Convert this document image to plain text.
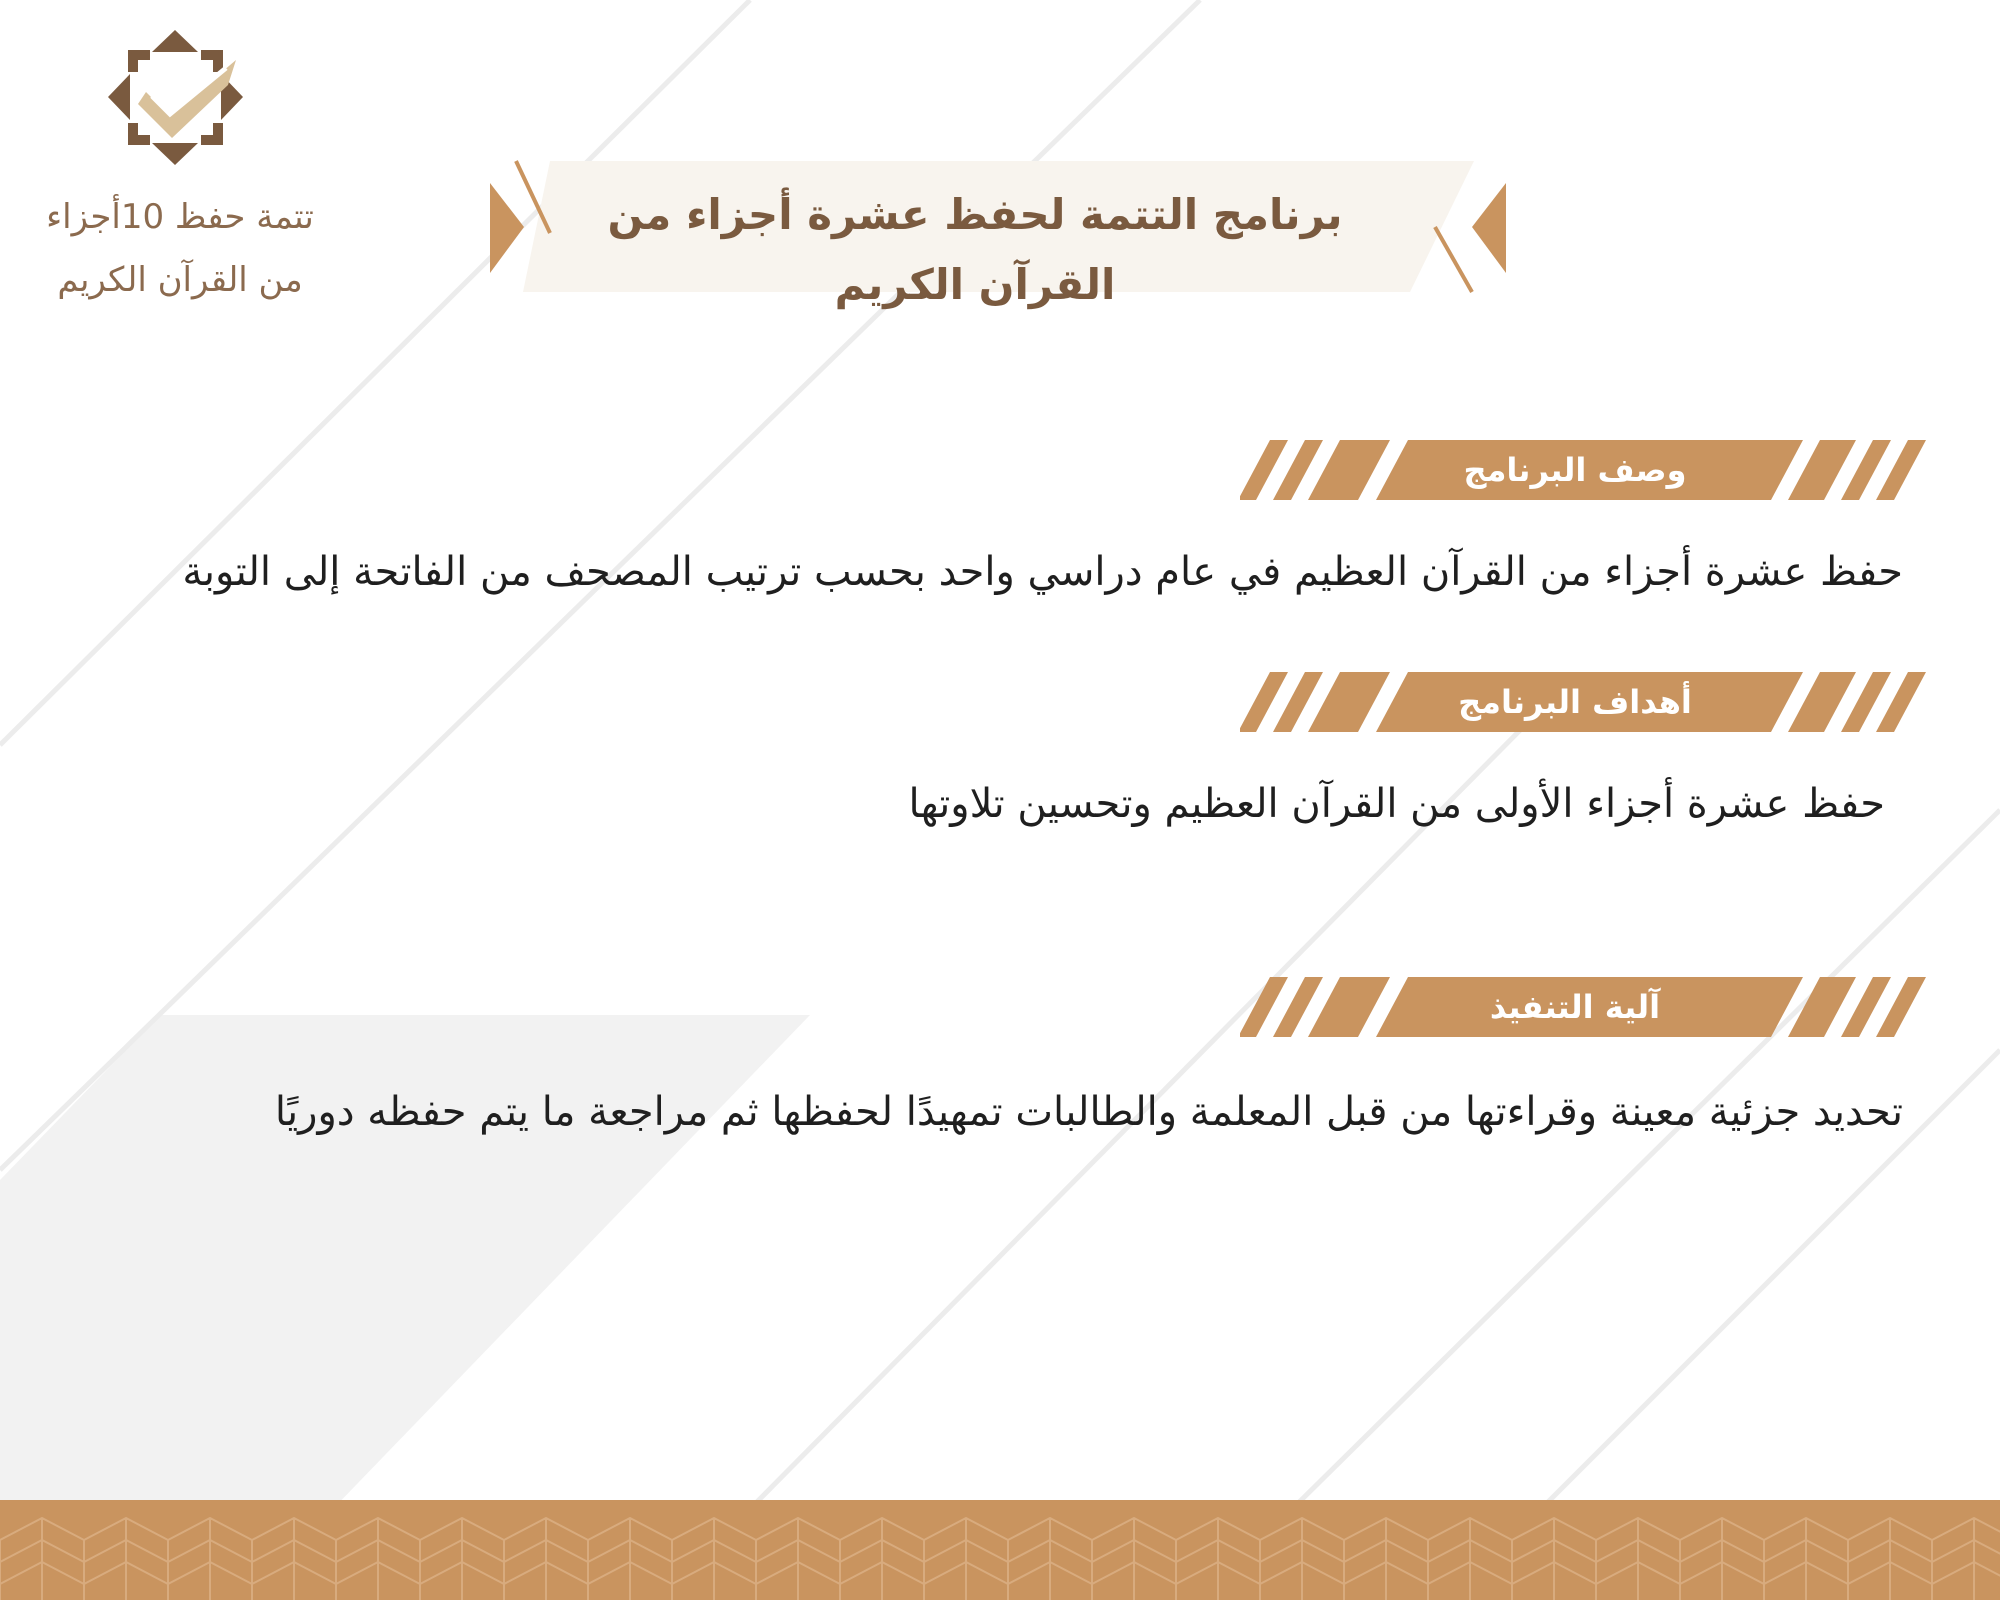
تتمة حفظ 10أجزاء
من القرآن الكريم
برنامج التتمة لحفظ عشرة أجزاء من القرآن الكريم
وصف البرنامج
حفظ عشرة أجزاء من القرآن العظيم في عام دراسي واحد بحسب ترتيب المصحف من الفاتحة إلى التوبة
أهداف البرنامج
حفظ عشرة أجزاء الأولى من القرآن العظيم وتحسين تلاوتها
آلية التنفيذ
تحديد جزئية معينة وقراءتها من قبل المعلمة والطالبات تمهيدًا لحفظها ثم مراجعة ما يتم حفظه دوريًا
